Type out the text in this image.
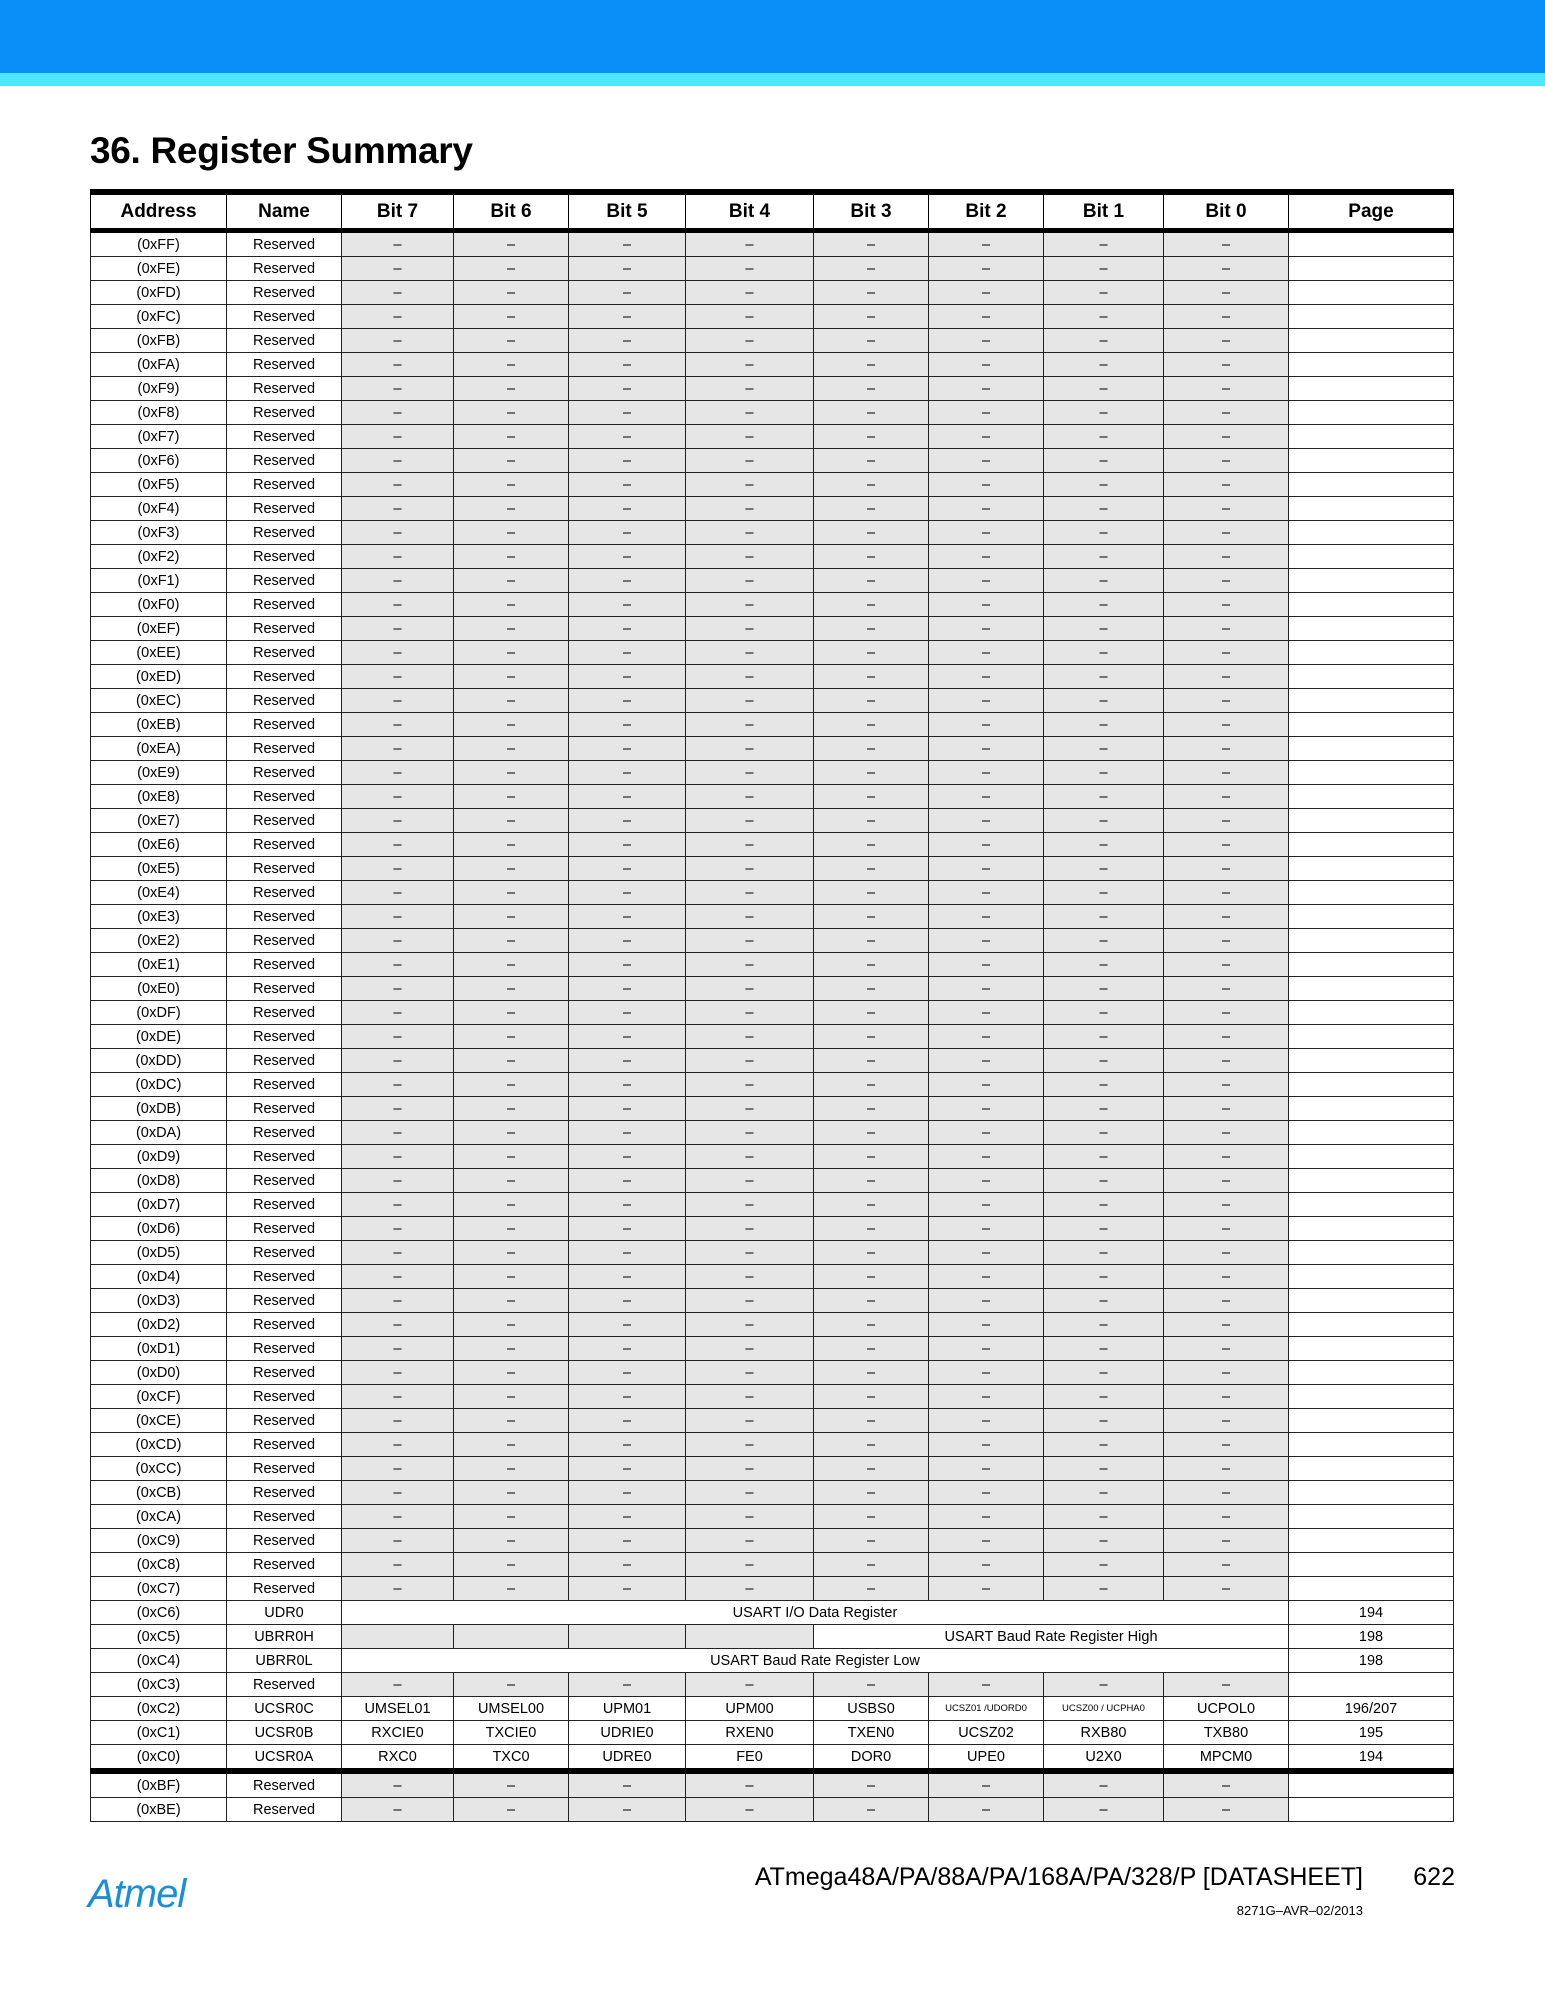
36. Register Summary
Address	Name	Bit 7	Bit 6	Bit 5	Bit 4	Bit 3	Bit 2	Bit 1	Bit 0	Page
(0xFF)	Reserved	–	–	–	–	–	–	–	–	
(0xFE)	Reserved	–	–	–	–	–	–	–	–	
(0xFD)	Reserved	–	–	–	–	–	–	–	–	
(0xFC)	Reserved	–	–	–	–	–	–	–	–	
(0xFB)	Reserved	–	–	–	–	–	–	–	–	
(0xFA)	Reserved	–	–	–	–	–	–	–	–	
(0xF9)	Reserved	–	–	–	–	–	–	–	–	
(0xF8)	Reserved	–	–	–	–	–	–	–	–	
(0xF7)	Reserved	–	–	–	–	–	–	–	–	
(0xF6)	Reserved	–	–	–	–	–	–	–	–	
(0xF5)	Reserved	–	–	–	–	–	–	–	–	
(0xF4)	Reserved	–	–	–	–	–	–	–	–	
(0xF3)	Reserved	–	–	–	–	–	–	–	–	
(0xF2)	Reserved	–	–	–	–	–	–	–	–	
(0xF1)	Reserved	–	–	–	–	–	–	–	–	
(0xF0)	Reserved	–	–	–	–	–	–	–	–	
(0xEF)	Reserved	–	–	–	–	–	–	–	–	
(0xEE)	Reserved	–	–	–	–	–	–	–	–	
(0xED)	Reserved	–	–	–	–	–	–	–	–	
(0xEC)	Reserved	–	–	–	–	–	–	–	–	
(0xEB)	Reserved	–	–	–	–	–	–	–	–	
(0xEA)	Reserved	–	–	–	–	–	–	–	–	
(0xE9)	Reserved	–	–	–	–	–	–	–	–	
(0xE8)	Reserved	–	–	–	–	–	–	–	–	
(0xE7)	Reserved	–	–	–	–	–	–	–	–	
(0xE6)	Reserved	–	–	–	–	–	–	–	–	
(0xE5)	Reserved	–	–	–	–	–	–	–	–	
(0xE4)	Reserved	–	–	–	–	–	–	–	–	
(0xE3)	Reserved	–	–	–	–	–	–	–	–	
(0xE2)	Reserved	–	–	–	–	–	–	–	–	
(0xE1)	Reserved	–	–	–	–	–	–	–	–	
(0xE0)	Reserved	–	–	–	–	–	–	–	–	
(0xDF)	Reserved	–	–	–	–	–	–	–	–	
(0xDE)	Reserved	–	–	–	–	–	–	–	–	
(0xDD)	Reserved	–	–	–	–	–	–	–	–	
(0xDC)	Reserved	–	–	–	–	–	–	–	–	
(0xDB)	Reserved	–	–	–	–	–	–	–	–	
(0xDA)	Reserved	–	–	–	–	–	–	–	–	
(0xD9)	Reserved	–	–	–	–	–	–	–	–	
(0xD8)	Reserved	–	–	–	–	–	–	–	–	
(0xD7)	Reserved	–	–	–	–	–	–	–	–	
(0xD6)	Reserved	–	–	–	–	–	–	–	–	
(0xD5)	Reserved	–	–	–	–	–	–	–	–	
(0xD4)	Reserved	–	–	–	–	–	–	–	–	
(0xD3)	Reserved	–	–	–	–	–	–	–	–	
(0xD2)	Reserved	–	–	–	–	–	–	–	–	
(0xD1)	Reserved	–	–	–	–	–	–	–	–	
(0xD0)	Reserved	–	–	–	–	–	–	–	–	
(0xCF)	Reserved	–	–	–	–	–	–	–	–	
(0xCE)	Reserved	–	–	–	–	–	–	–	–	
(0xCD)	Reserved	–	–	–	–	–	–	–	–	
(0xCC)	Reserved	–	–	–	–	–	–	–	–	
(0xCB)	Reserved	–	–	–	–	–	–	–	–	
(0xCA)	Reserved	–	–	–	–	–	–	–	–	
(0xC9)	Reserved	–	–	–	–	–	–	–	–	
(0xC8)	Reserved	–	–	–	–	–	–	–	–	
(0xC7)	Reserved	–	–	–	–	–	–	–	–	
(0xC6)	UDR0	USART I/O Data Register								194
(0xC5)	UBRR0H					USART Baud Rate Register High				198
(0xC4)	UBRR0L	USART Baud Rate Register Low								198
(0xC3)	Reserved	–	–	–	–	–	–	–	–	
(0xC2)	UCSR0C	UMSEL01	UMSEL00	UPM01	UPM00	USBS0	UCSZ01 /UDORD0	UCSZ00 / UCPHA0	UCPOL0	196/207
(0xC1)	UCSR0B	RXCIE0	TXCIE0	UDRIE0	RXEN0	TXEN0	UCSZ02	RXB80	TXB80	195
(0xC0)	UCSR0A	RXC0	TXC0	UDRE0	FE0	DOR0	UPE0	U2X0	MPCM0	194
(0xBF)	Reserved	–	–	–	–	–	–	–	–	
(0xBE)	Reserved	–	–	–	–	–	–	–	–	
Atmel	ATmega48A/PA/88A/PA/168A/PA/328/P [DATASHEET] 622
8271G–AVR–02/2013
